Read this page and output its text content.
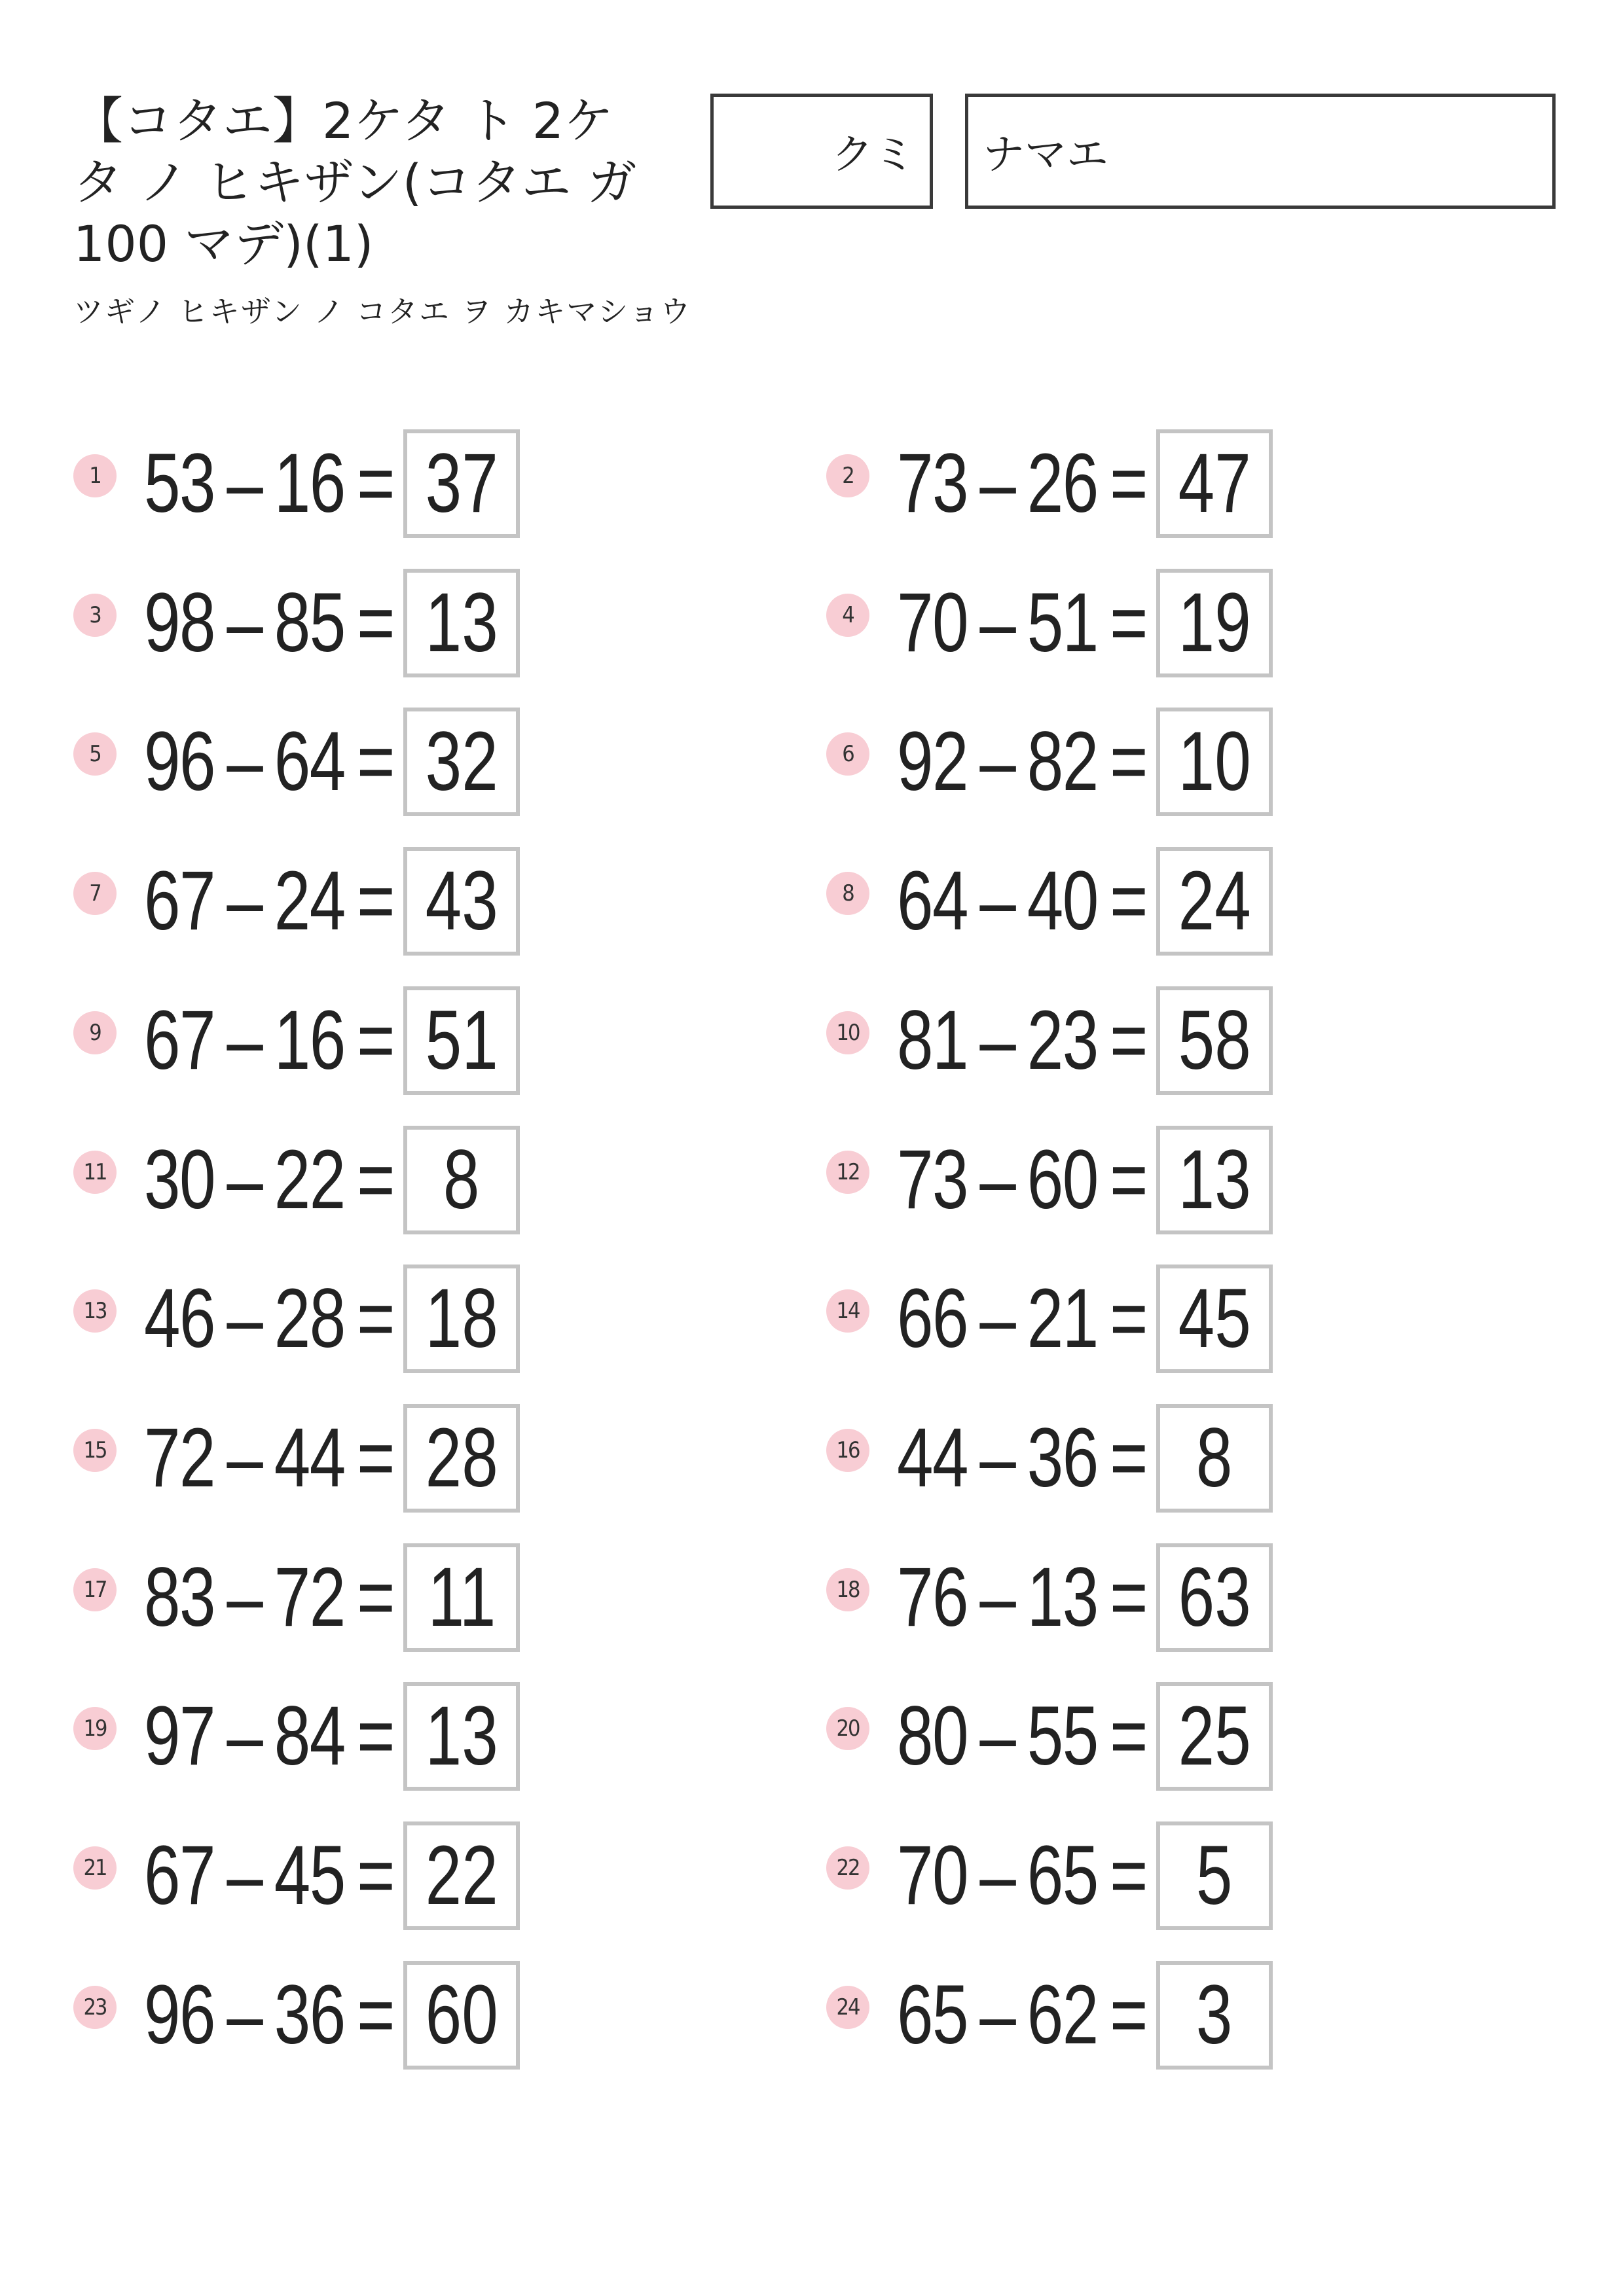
【コタエ】2ケタ ト 2ケタ ノ ヒキザン(コタエ ガ 100 マデ)(1)
ツギノ ヒキザン ノ コタエ ヲ カキマショウ
クミ ナマエ
1 53 – 16 = 37	2 73 – 26 = 47
3 98 – 85 = 13	4 70 – 51 = 19
5 96 – 64 = 32	6 92 – 82 = 10
7 67 – 24 = 43	8 64 – 40 = 24
9 67 – 16 = 51	10 81 – 23 = 58
11 30 – 22 = 8	12 73 – 60 = 13
13 46 – 28 = 18	14 66 – 21 = 45
15 72 – 44 = 28	16 44 – 36 = 8
17 83 – 72 = 11	18 76 – 13 = 63
19 97 – 84 = 13	20 80 – 55 = 25
21 67 – 45 = 22	22 70 – 65 = 5
23 96 – 36 = 60	24 65 – 62 = 3
